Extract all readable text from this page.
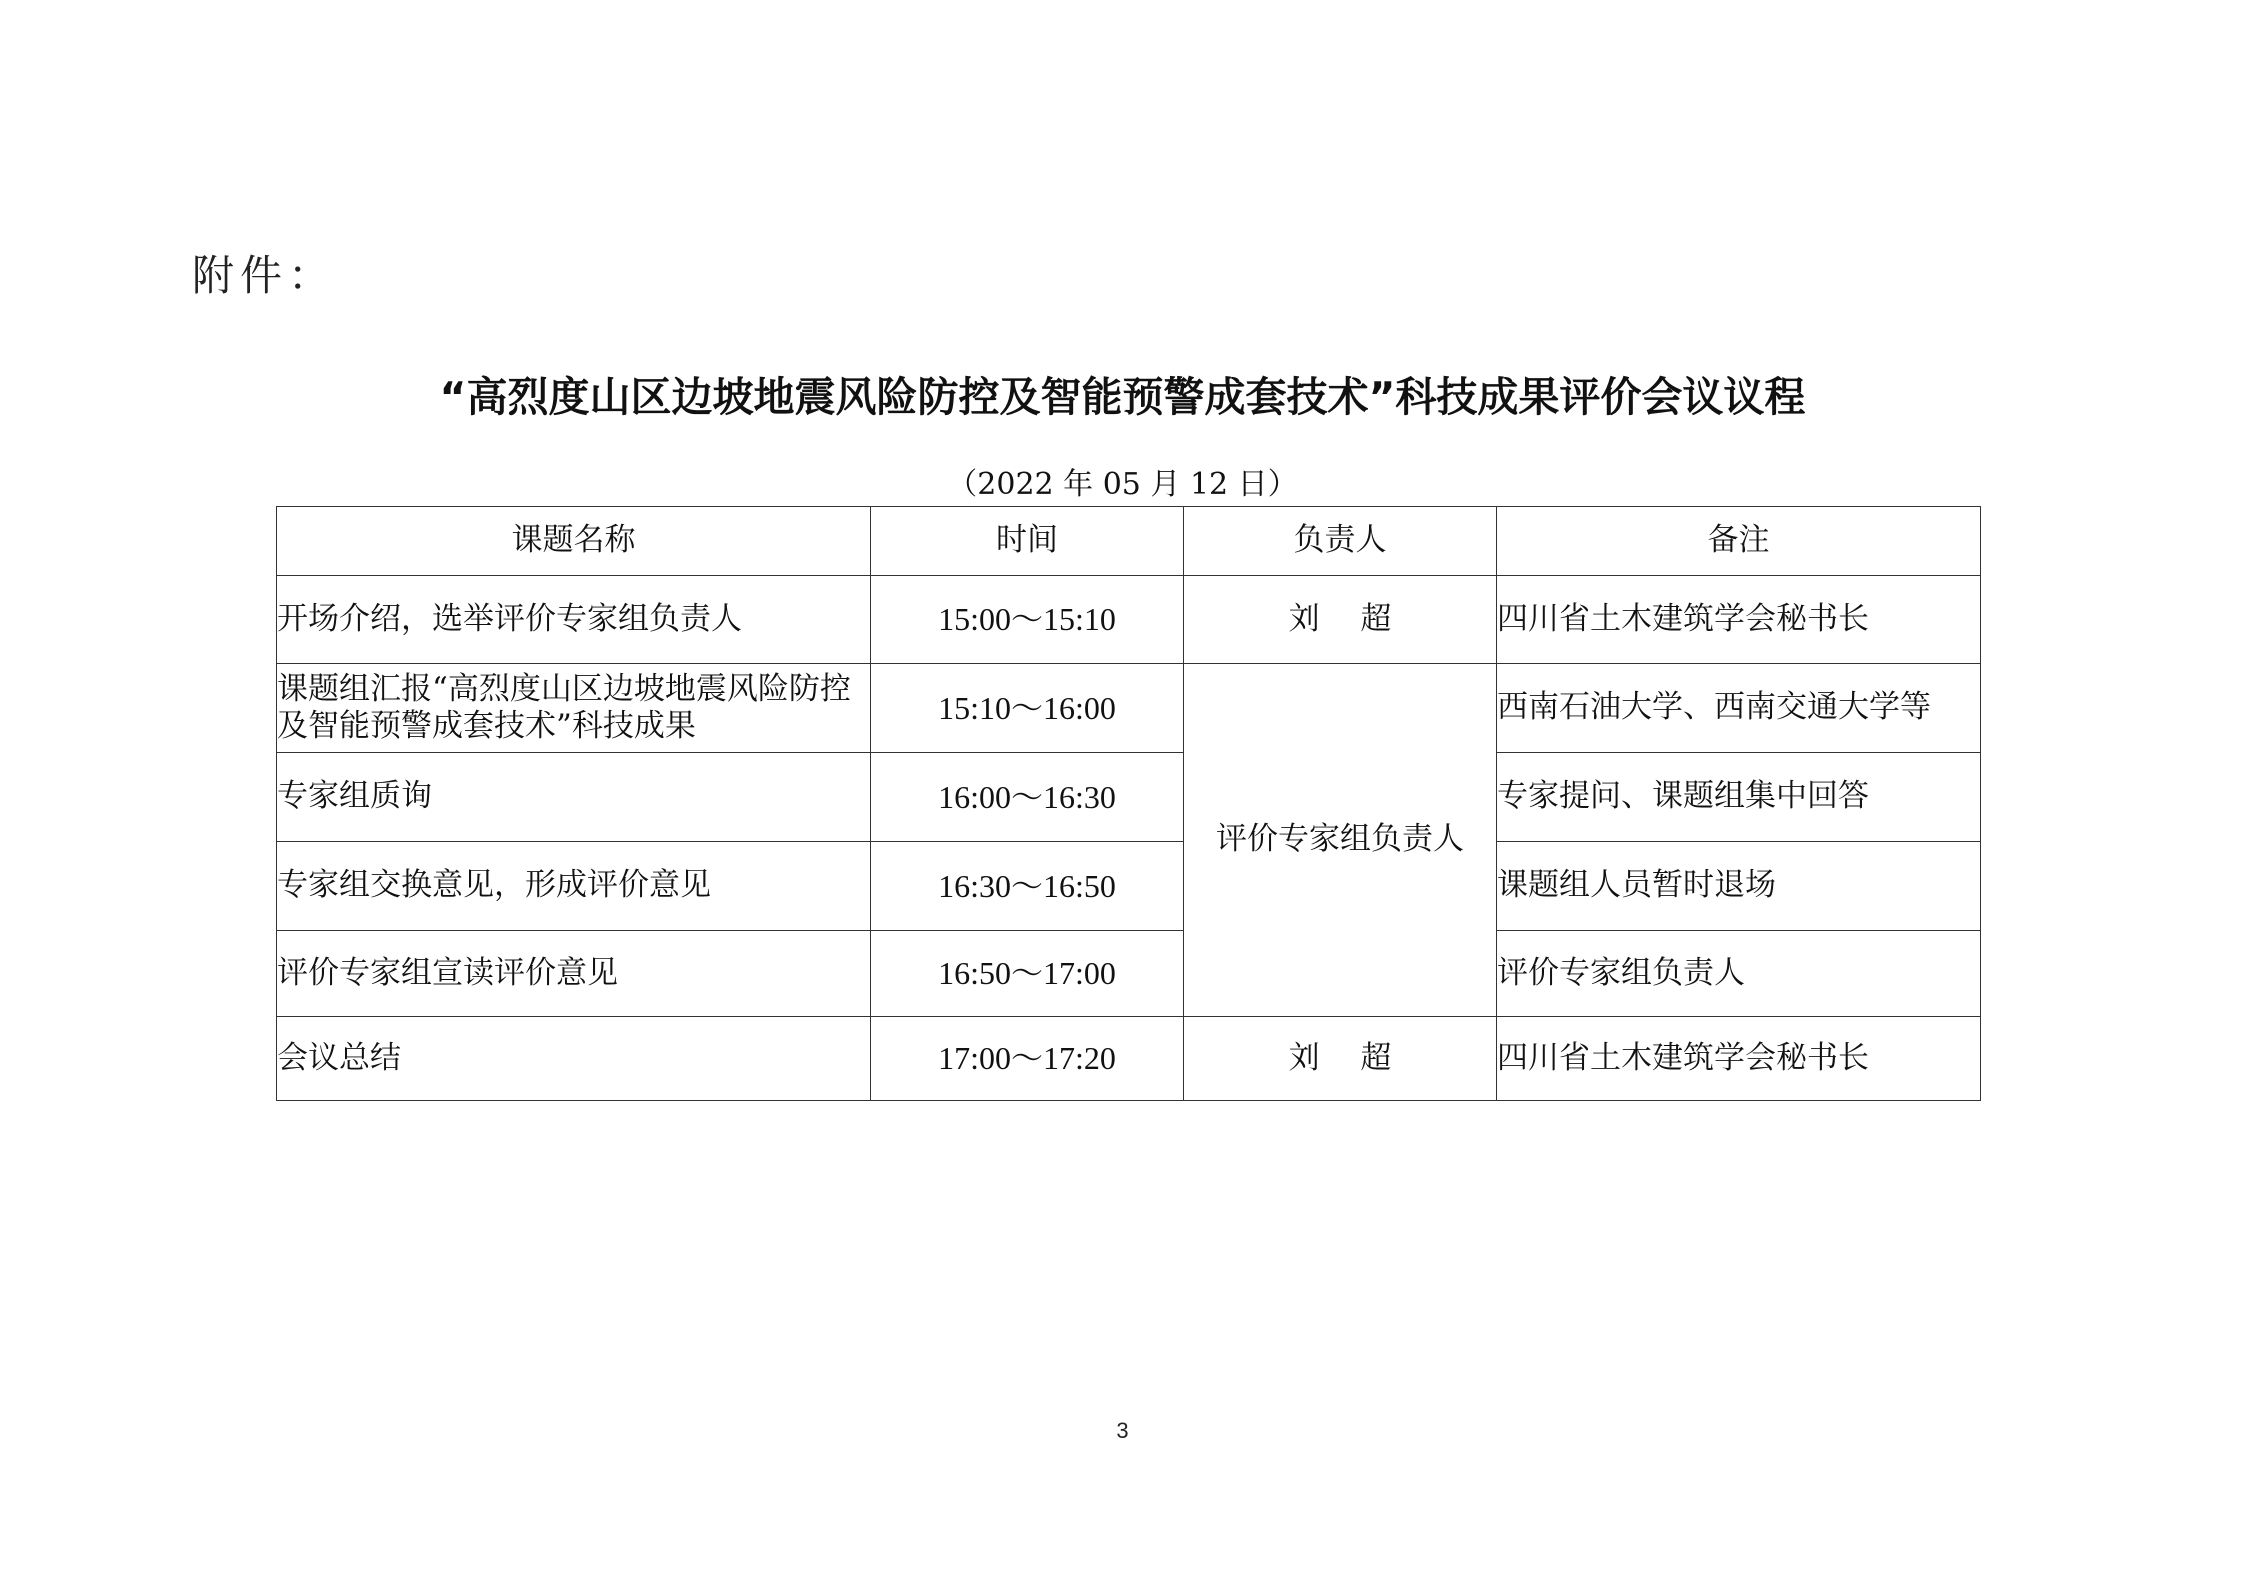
附件：
“高烈度山区边坡地震风险防控及智能预警成套技术”科技成果评价会议议程
（2022 年 05 月 12 日）
课题名称	时间	负责人	备注
开场介绍，选举评价专家组负责人	15:00～15:10	刘　 超	四川省土木建筑学会秘书长
课题组汇报“高烈度山区边坡地震风险防控及智能预警成套技术”科技成果	15:10～16:00	评价专家组负责人	西南石油大学、西南交通大学等
专家组质询	16:00～16:30		专家提问、课题组集中回答
专家组交换意见，形成评价意见	16:30～16:50		课题组人员暂时退场
评价专家组宣读评价意见	16:50～17:00		评价专家组负责人
会议总结	17:00～17:20	刘　 超	四川省土木建筑学会秘书长
3
